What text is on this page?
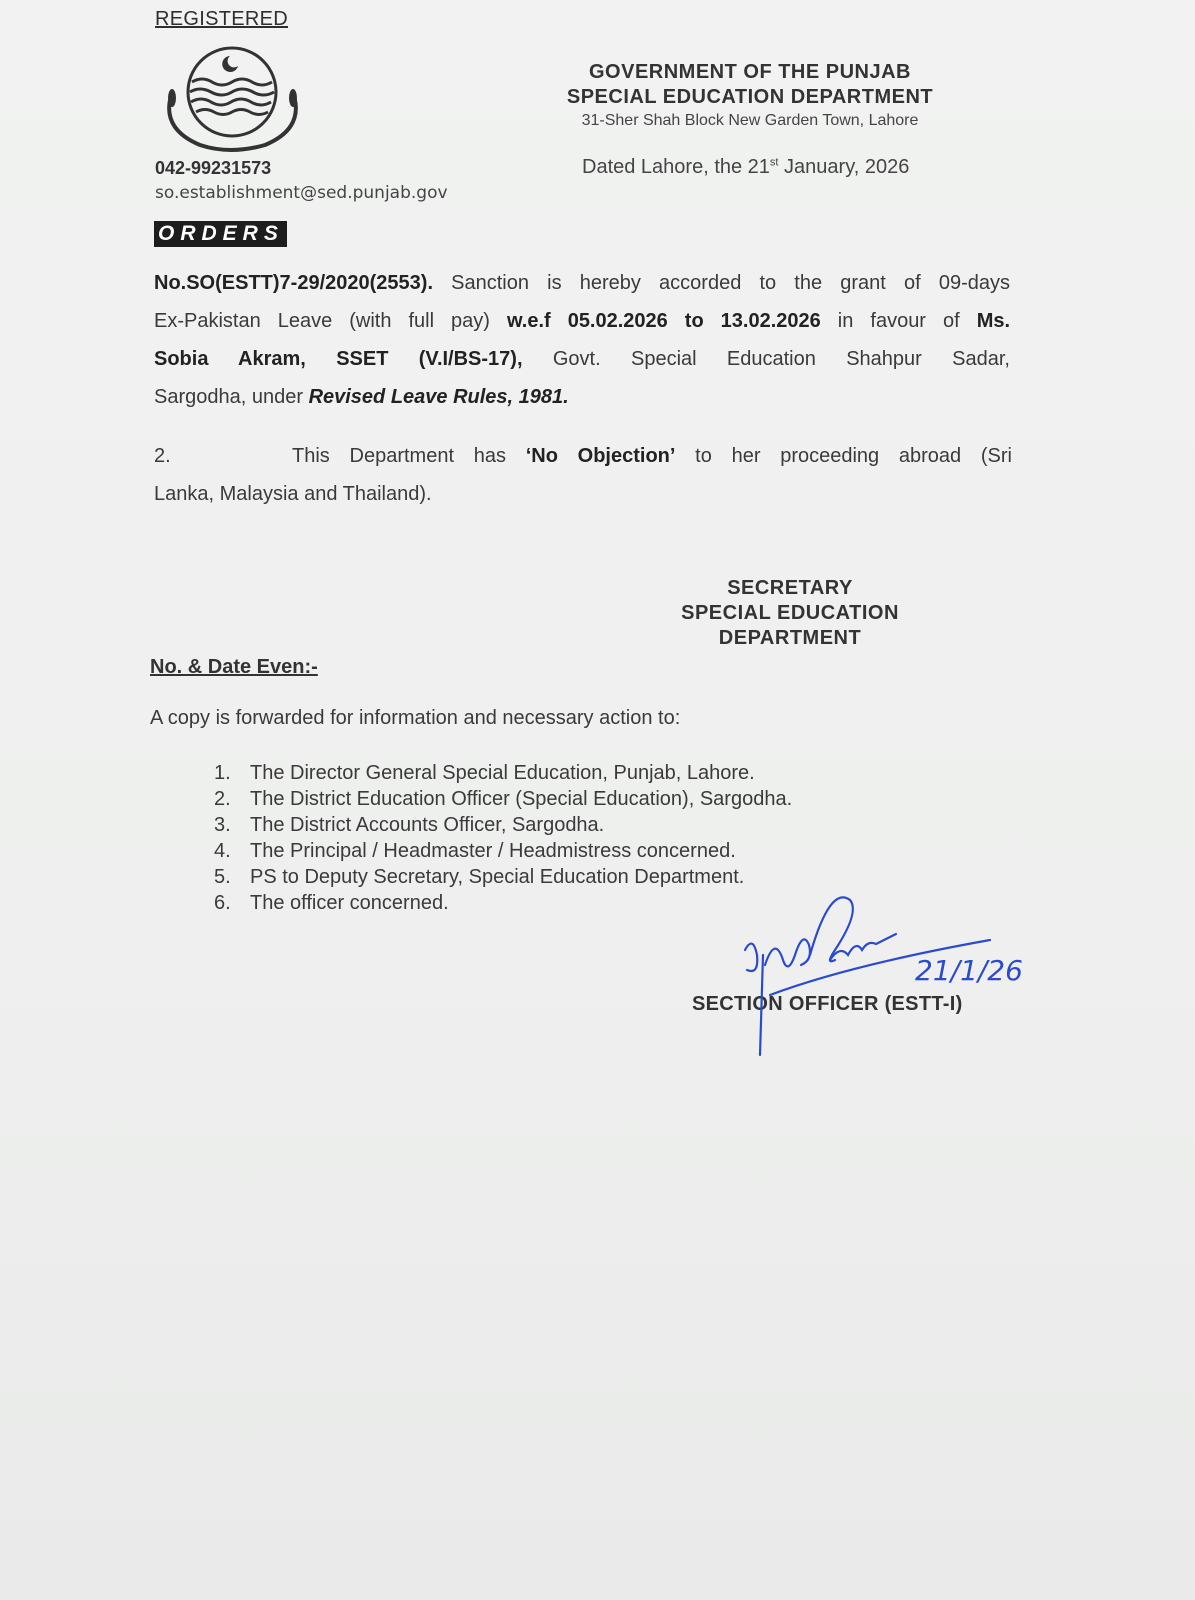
REGISTERED
042-99231573
so.establishment@sed.punjab.gov
ORDERS
GOVERNMENT OF THE PUNJAB
SPECIAL EDUCATION DEPARTMENT
31-Sher Shah Block New Garden Town, Lahore
Dated Lahore, the 21st January, 2026
No.SO(ESTT)7-29/2020(2553). Sanction is hereby accorded to the grant of 09-days
Ex-Pakistan Leave (with full pay) w.e.f 05.02.2026 to 13.02.2026 in favour of Ms.
Sobia Akram, SSET (V.I/BS-17), Govt. Special Education Shahpur Sadar,
Sargodha, under Revised Leave Rules, 1981.
2.	This Department has ‘No Objection’ to her proceeding abroad (Sri
Lanka, Malaysia and Thailand).
SECRETARY
SPECIAL EDUCATION
DEPARTMENT
No. & Date Even:-
A copy is forwarded for information and necessary action to:
1. The Director General Special Education, Punjab, Lahore.
2. The District Education Officer (Special Education), Sargodha.
3. The District Accounts Officer, Sargodha.
4. The Principal / Headmaster / Headmistress concerned.
5. PS to Deputy Secretary, Special Education Department.
6. The officer concerned.
SECTION OFFICER (ESTT-I)
21/1/26
